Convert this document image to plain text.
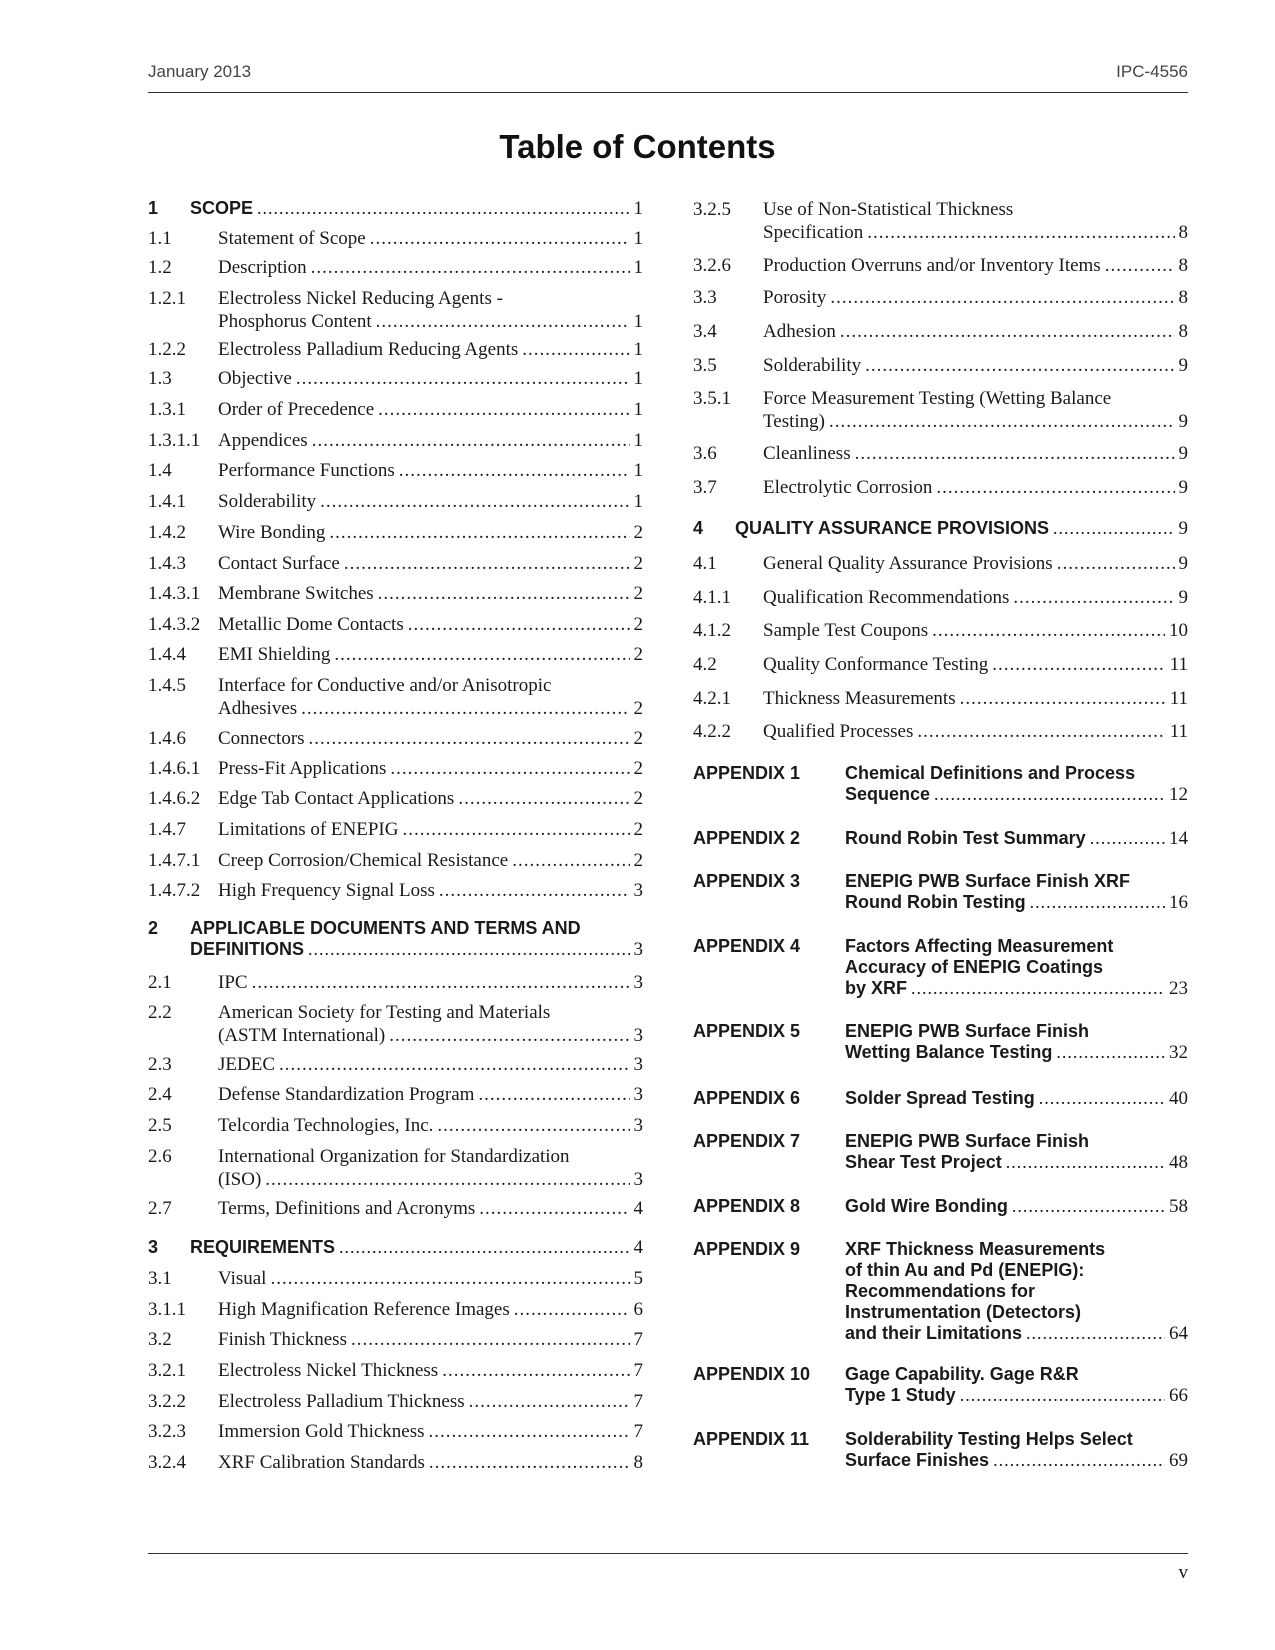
January 2013	IPC-4556
Table of Contents
1 SCOPE .....	1
1.1 Statement of Scope .....	1
1.2 Description .....	1
1.2.1 Electroless Nickel Reducing Agents -
Phosphorus Content .....	1
1.2.2 Electroless Palladium Reducing Agents .....	1
1.3 Objective .....	1
1.3.1 Order of Precedence .....	1
1.3.1.1 Appendices .....	1
1.4 Performance Functions .....	1
1.4.1 Solderability .....	1
1.4.2 Wire Bonding .....	2
1.4.3 Contact Surface .....	2
1.4.3.1 Membrane Switches .....	2
1.4.3.2 Metallic Dome Contacts .....	2
1.4.4 EMI Shielding .....	2
1.4.5 Interface for Conductive and/or Anisotropic
Adhesives .....	2
1.4.6 Connectors .....	2
1.4.6.1 Press-Fit Applications .....	2
1.4.6.2 Edge Tab Contact Applications .....	2
1.4.7 Limitations of ENEPIG .....	2
1.4.7.1 Creep Corrosion/Chemical Resistance .....	2
1.4.7.2 High Frequency Signal Loss .....	3
2 APPLICABLE DOCUMENTS AND TERMS AND
DEFINITIONS .....	3
2.1 IPC .....	3
2.2 American Society for Testing and Materials
(ASTM International) .....	3
2.3 JEDEC .....	3
2.4 Defense Standardization Program .....	3
2.5 Telcordia Technologies, Inc. .....	3
2.6 International Organization for Standardization
(ISO) .....	3
2.7 Terms, Definitions and Acronyms .....	4
3 REQUIREMENTS .....	4
3.1 Visual .....	5
3.1.1 High Magnification Reference Images .....	6
3.2 Finish Thickness .....	7
3.2.1 Electroless Nickel Thickness .....	7
3.2.2 Electroless Palladium Thickness .....	7
3.2.3 Immersion Gold Thickness .....	7
3.2.4 XRF Calibration Standards .....	8
3.2.5 Use of Non-Statistical Thickness
Specification .....	8
3.2.6 Production Overruns and/or Inventory Items .....	8
3.3 Porosity .....	8
3.4 Adhesion .....	8
3.5 Solderability .....	9
3.5.1 Force Measurement Testing (Wetting Balance
Testing) .....	9
3.6 Cleanliness .....	9
3.7 Electrolytic Corrosion .....	9
4 QUALITY ASSURANCE PROVISIONS .....	9
4.1 General Quality Assurance Provisions .....	9
4.1.1 Qualification Recommendations .....	9
4.1.2 Sample Test Coupons .....	10
4.2 Quality Conformance Testing .....	11
4.2.1 Thickness Measurements .....	11
4.2.2 Qualified Processes .....	11
APPENDIX 1 Chemical Definitions and Process
Sequence .....	12
APPENDIX 2 Round Robin Test Summary .....	14
APPENDIX 3 ENEPIG PWB Surface Finish XRF
Round Robin Testing .....	16
APPENDIX 4 Factors Affecting Measurement
Accuracy of ENEPIG Coatings
by XRF .....	23
APPENDIX 5 ENEPIG PWB Surface Finish
Wetting Balance Testing .....	32
APPENDIX 6 Solder Spread Testing .....	40
APPENDIX 7 ENEPIG PWB Surface Finish
Shear Test Project .....	48
APPENDIX 8 Gold Wire Bonding .....	58
APPENDIX 9 XRF Thickness Measurements
of thin Au and Pd (ENEPIG):
Recommendations for
Instrumentation (Detectors)
and their Limitations .....	64
APPENDIX 10 Gage Capability. Gage R&R
Type 1 Study .....	66
APPENDIX 11 Solderability Testing Helps Select
Surface Finishes .....	69
v
